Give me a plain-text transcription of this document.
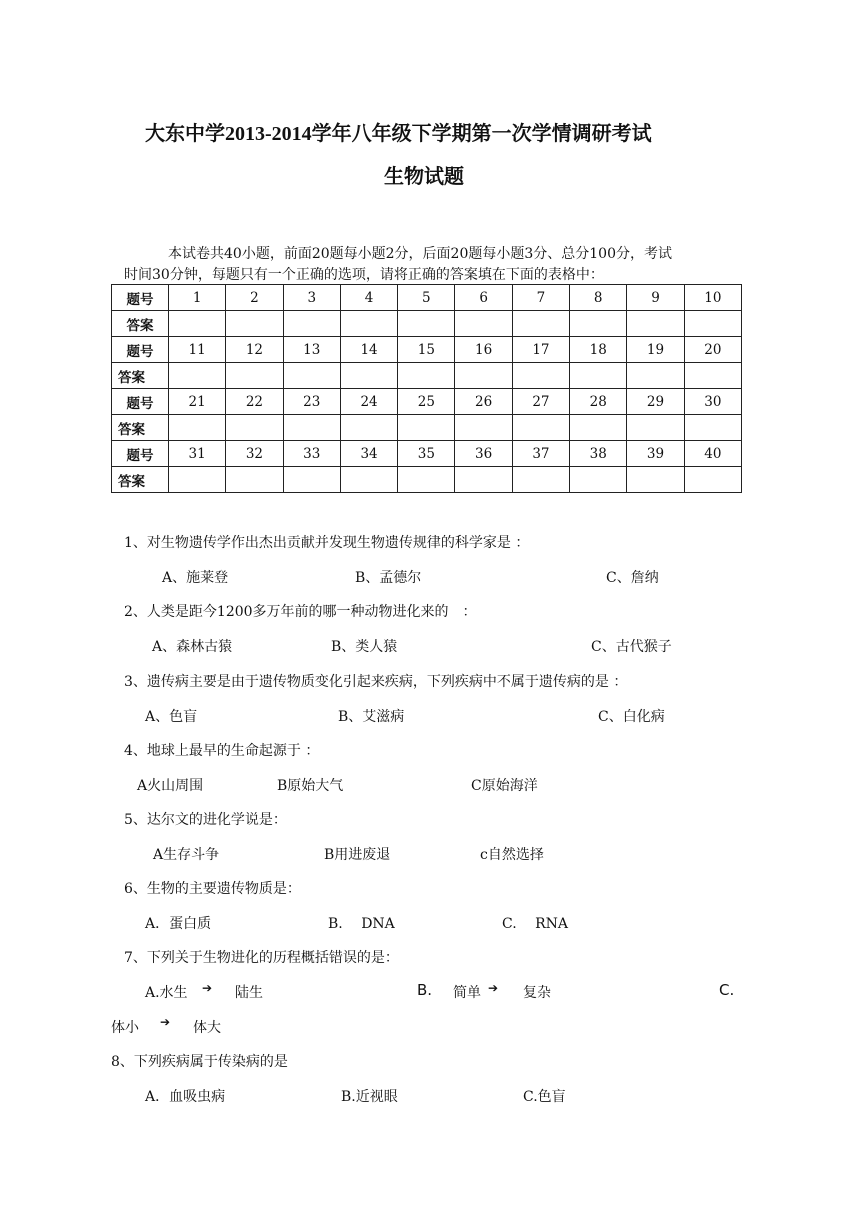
大东中学2013-2014学年八年级下学期第一次学情调研考试
生物试题
本试卷共40小题，前面20题每小题2分，后面20题每小题3分、总分100分，考试
时间30分钟，每题只有一个正确的选项，请将正确的答案填在下面的表格中：
题号	1	2	3	4	5	6	7	8	9	10
答案										
题号	11	12	13	14	15	16	17	18	19	20
答案										
题号	21	22	23	24	25	26	27	28	29	30
答案										
题号	31	32	33	34	35	36	37	38	39	40
答案										
1、对生物遗传学作出杰出贡献并发现生物遗传规律的科学家是 ：
A、施莱登	B、孟德尔	C、詹纳
2、人类是距今1200多万年前的哪一种动物进化来的　：
A、森林古猿	B、类人猿	C、古代猴子
3、遗传病主要是由于遗传物质变化引起来疾病，下列疾病中不属于遗传病的是 ：
A、色盲	B、艾滋病	C、白化病
4、地球上最早的生命起源于 ：
A火山周围	B原始大气	C原始海洋
5、达尔文的进化学说是：
A生存斗争	B用进废退	c自然选择
6、生物的主要遗传物质是：
A．蛋白质	B.　 DNA	C.　 RNA
7、下列关于生物进化的历程概括错误的是：
A.水生 ➔ 陆生	B. 简单 ➔ 复杂	C.
体小 ➔ 体大
8、下列疾病属于传染病的是
A．血吸虫病	B.近视眼	C.色盲
